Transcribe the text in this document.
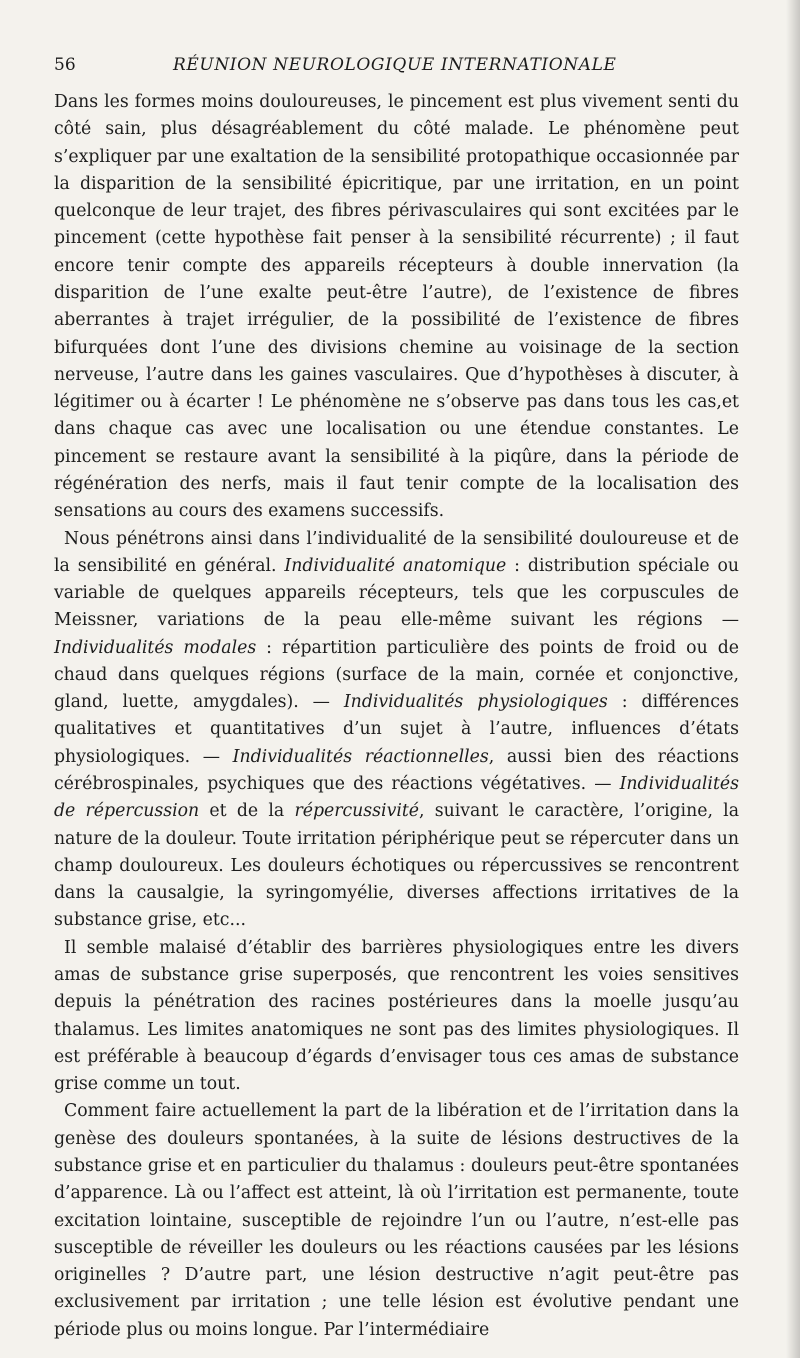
56	RÉUNION NEUROLOGIQUE INTERNATIONALE

Dans les formes moins douloureuses, le pincement est plus vivement senti du côté sain, plus désagréablement du côté malade. Le phénomène peut s’expliquer par une exaltation de la sensibilité protopathique occasionnée par la disparition de la sensibilité épicritique, par une irritation, en un point quelconque de leur trajet, des fibres périvasculaires qui sont excitées par le pincement (cette hypothèse fait penser à la sensibilité récurrente) ; il faut encore tenir compte des appareils récepteurs à double innervation (la disparition de l’une exalte peut-être l’autre), de l’existence de fibres aberrantes à trajet irrégulier, de la possibilité de l’existence de fibres bifurquées dont l’une des divisions chemine au voisinage de la section nerveuse, l’autre dans les gaines vasculaires. Que d’hypothèses à discuter, à légitimer ou à écarter ! Le phénomène ne s’observe pas dans tous les cas,et dans chaque cas avec une localisation ou une étendue constantes. Le pincement se restaure avant la sensibilité à la piqûre, dans la période de régénération des nerfs, mais il faut tenir compte de la localisation des sensations au cours des examens successifs.

Nous pénétrons ainsi dans l’individualité de la sensibilité douloureuse et de la sensibilité en général. Individualité anatomique : distribution spéciale ou variable de quelques appareils récepteurs, tels que les corpuscules de Meissner, variations de la peau elle-même suivant les régions — Individualités modales : répartition particulière des points de froid ou de chaud dans quelques régions (surface de la main, cornée et conjonctive, gland, luette, amygdales). — Individualités physiologiques : différences qualitatives et quantitatives d’un sujet à l’autre, influences d’états physiologiques. — Individualités réactionnelles, aussi bien des réactions cérébrospinales, psychiques que des réactions végétatives. — Individualités de répercussion et de la répercussivité, suivant le caractère, l’origine, la nature de la douleur. Toute irritation périphérique peut se répercuter dans un champ douloureux. Les douleurs échotiques ou répercussives se rencontrent dans la causalgie, la syringomyélie, diverses affections irritatives de la substance grise, etc...

Il semble malaisé d’établir des barrières physiologiques entre les divers amas de substance grise superposés, que rencontrent les voies sensitives depuis la pénétration des racines postérieures dans la moelle jusqu’au thalamus. Les limites anatomiques ne sont pas des limites physiologiques. Il est préférable à beaucoup d’égards d’envisager tous ces amas de substance grise comme un tout.

Comment faire actuellement la part de la libération et de l’irritation dans la genèse des douleurs spontanées, à la suite de lésions destructives de la substance grise et en particulier du thalamus : douleurs peut-être spontanées d’apparence. Là ou l’affect est atteint, là où l’irritation est permanente, toute excitation lointaine, susceptible de rejoindre l’un ou l’autre, n’est-elle pas susceptible de réveiller les douleurs ou les réactions causées par les lésions originelles ? D’autre part, une lésion destructive n’agit peut-être pas exclusivement par irritation ; une telle lésion est évolutive pendant une période plus ou moins longue. Par l’intermédiaire
